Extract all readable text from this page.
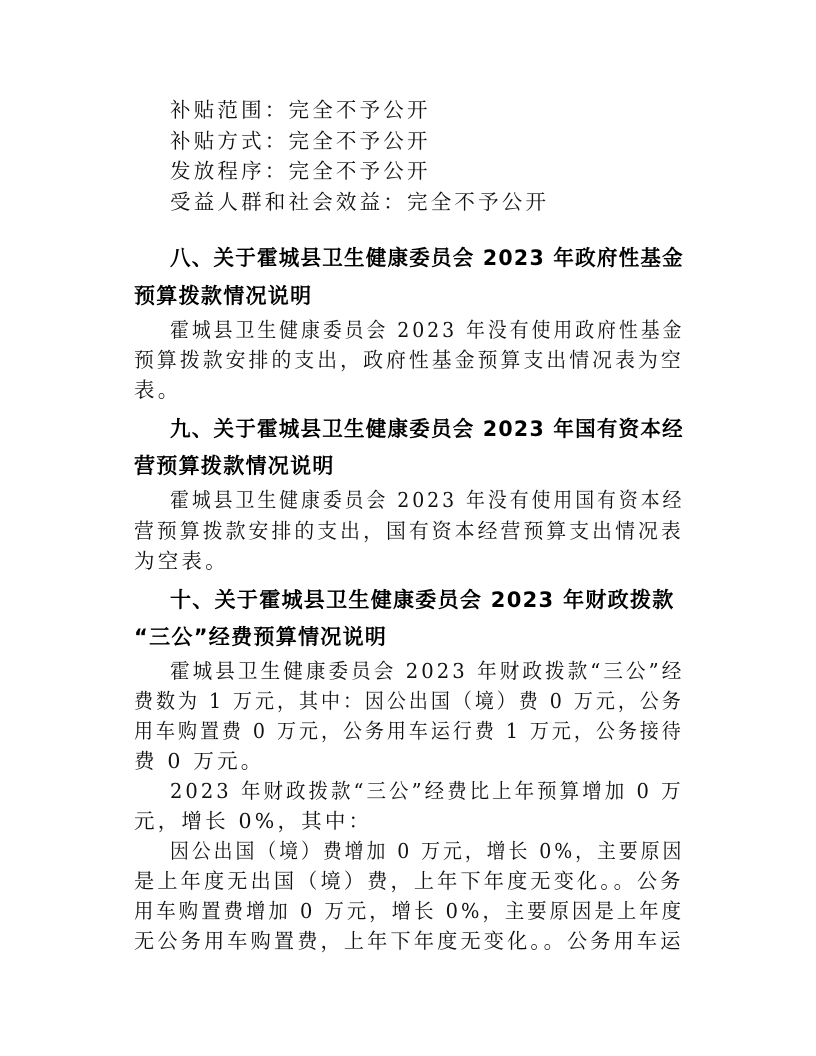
补贴范围：完全不予公开
补贴方式：完全不予公开
发放程序：完全不予公开
受益人群和社会效益：完全不予公开
八、关于霍城县卫生健康委员会 2023 年政府性基金
预算拨款情况说明
霍城县卫生健康委员会 2023 年没有使用政府性基金
预算拨款安排的支出，政府性基金预算支出情况表为空
表。
九、关于霍城县卫生健康委员会 2023 年国有资本经
营预算拨款情况说明
霍城县卫生健康委员会 2023 年没有使用国有资本经
营预算拨款安排的支出，国有资本经营预算支出情况表
为空表。
十、关于霍城县卫生健康委员会 2023 年财政拨款
“三公”经费预算情况说明
霍城县卫生健康委员会 2023 年财政拨款“三公”经
费数为 1 万元，其中：因公出国（境）费 0 万元，公务
用车购置费 0 万元，公务用车运行费 1 万元，公务接待
费 0 万元。
2023 年财政拨款“三公”经费比上年预算增加 0 万
元，增长 0%，其中：
因公出国（境）费增加 0 万元，增长 0%，主要原因
是上年度无出国（境）费，上年下年度无变化。。公务
用车购置费增加 0 万元，增长 0%，主要原因是上年度
无公务用车购置费，上年下年度无变化。。公务用车运
